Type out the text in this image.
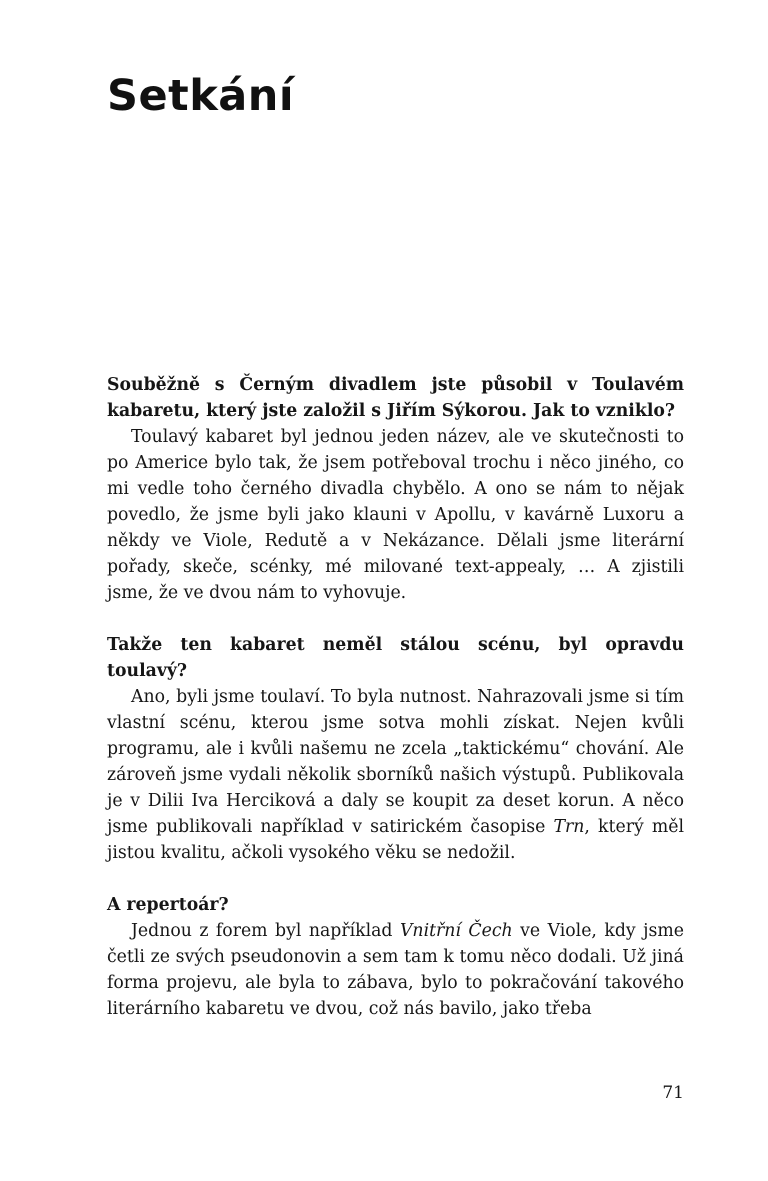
Setkání

Souběžně s Černým divadlem jste působil v Toulavém kabaretu, který jste založil s Jiřím Sýkorou. Jak to vzniklo?

Toulavý kabaret byl jednou jeden název, ale ve skutečnosti to po Americe bylo tak, že jsem potřeboval trochu i něco jiného, co mi vedle toho černého divadla chybělo. A ono se nám to nějak povedlo, že jsme byli jako klauni v Apollu, v kavárně Luxoru a někdy ve Viole, Redutě a v Nekázance. Dělali jsme literární pořady, skeče, scénky, mé milované text-appealy, … A zjistili jsme, že ve dvou nám to vyhovuje.

Takže ten kabaret neměl stálou scénu, byl opravdu toulavý?

Ano, byli jsme toulaví. To byla nutnost. Nahrazovali jsme si tím vlastní scénu, kterou jsme sotva mohli získat. Nejen kvůli programu, ale i kvůli našemu ne zcela „taktickému“ chování. Ale zároveň jsme vydali několik sborníků našich výstupů. Publikovala je v Dilii Iva Herciková a daly se koupit za deset korun. A něco jsme publikovali například v satirickém časopise Trn, který měl jistou kvalitu, ačkoli vysokého věku se nedožil.

A repertoár?

Jednou z forem byl například Vnitřní Čech ve Viole, kdy jsme četli ze svých pseudonovin a sem tam k tomu něco dodali. Už jiná forma projevu, ale byla to zábava, bylo to pokračování takového literárního kabaretu ve dvou, což nás bavilo, jako třeba

71
